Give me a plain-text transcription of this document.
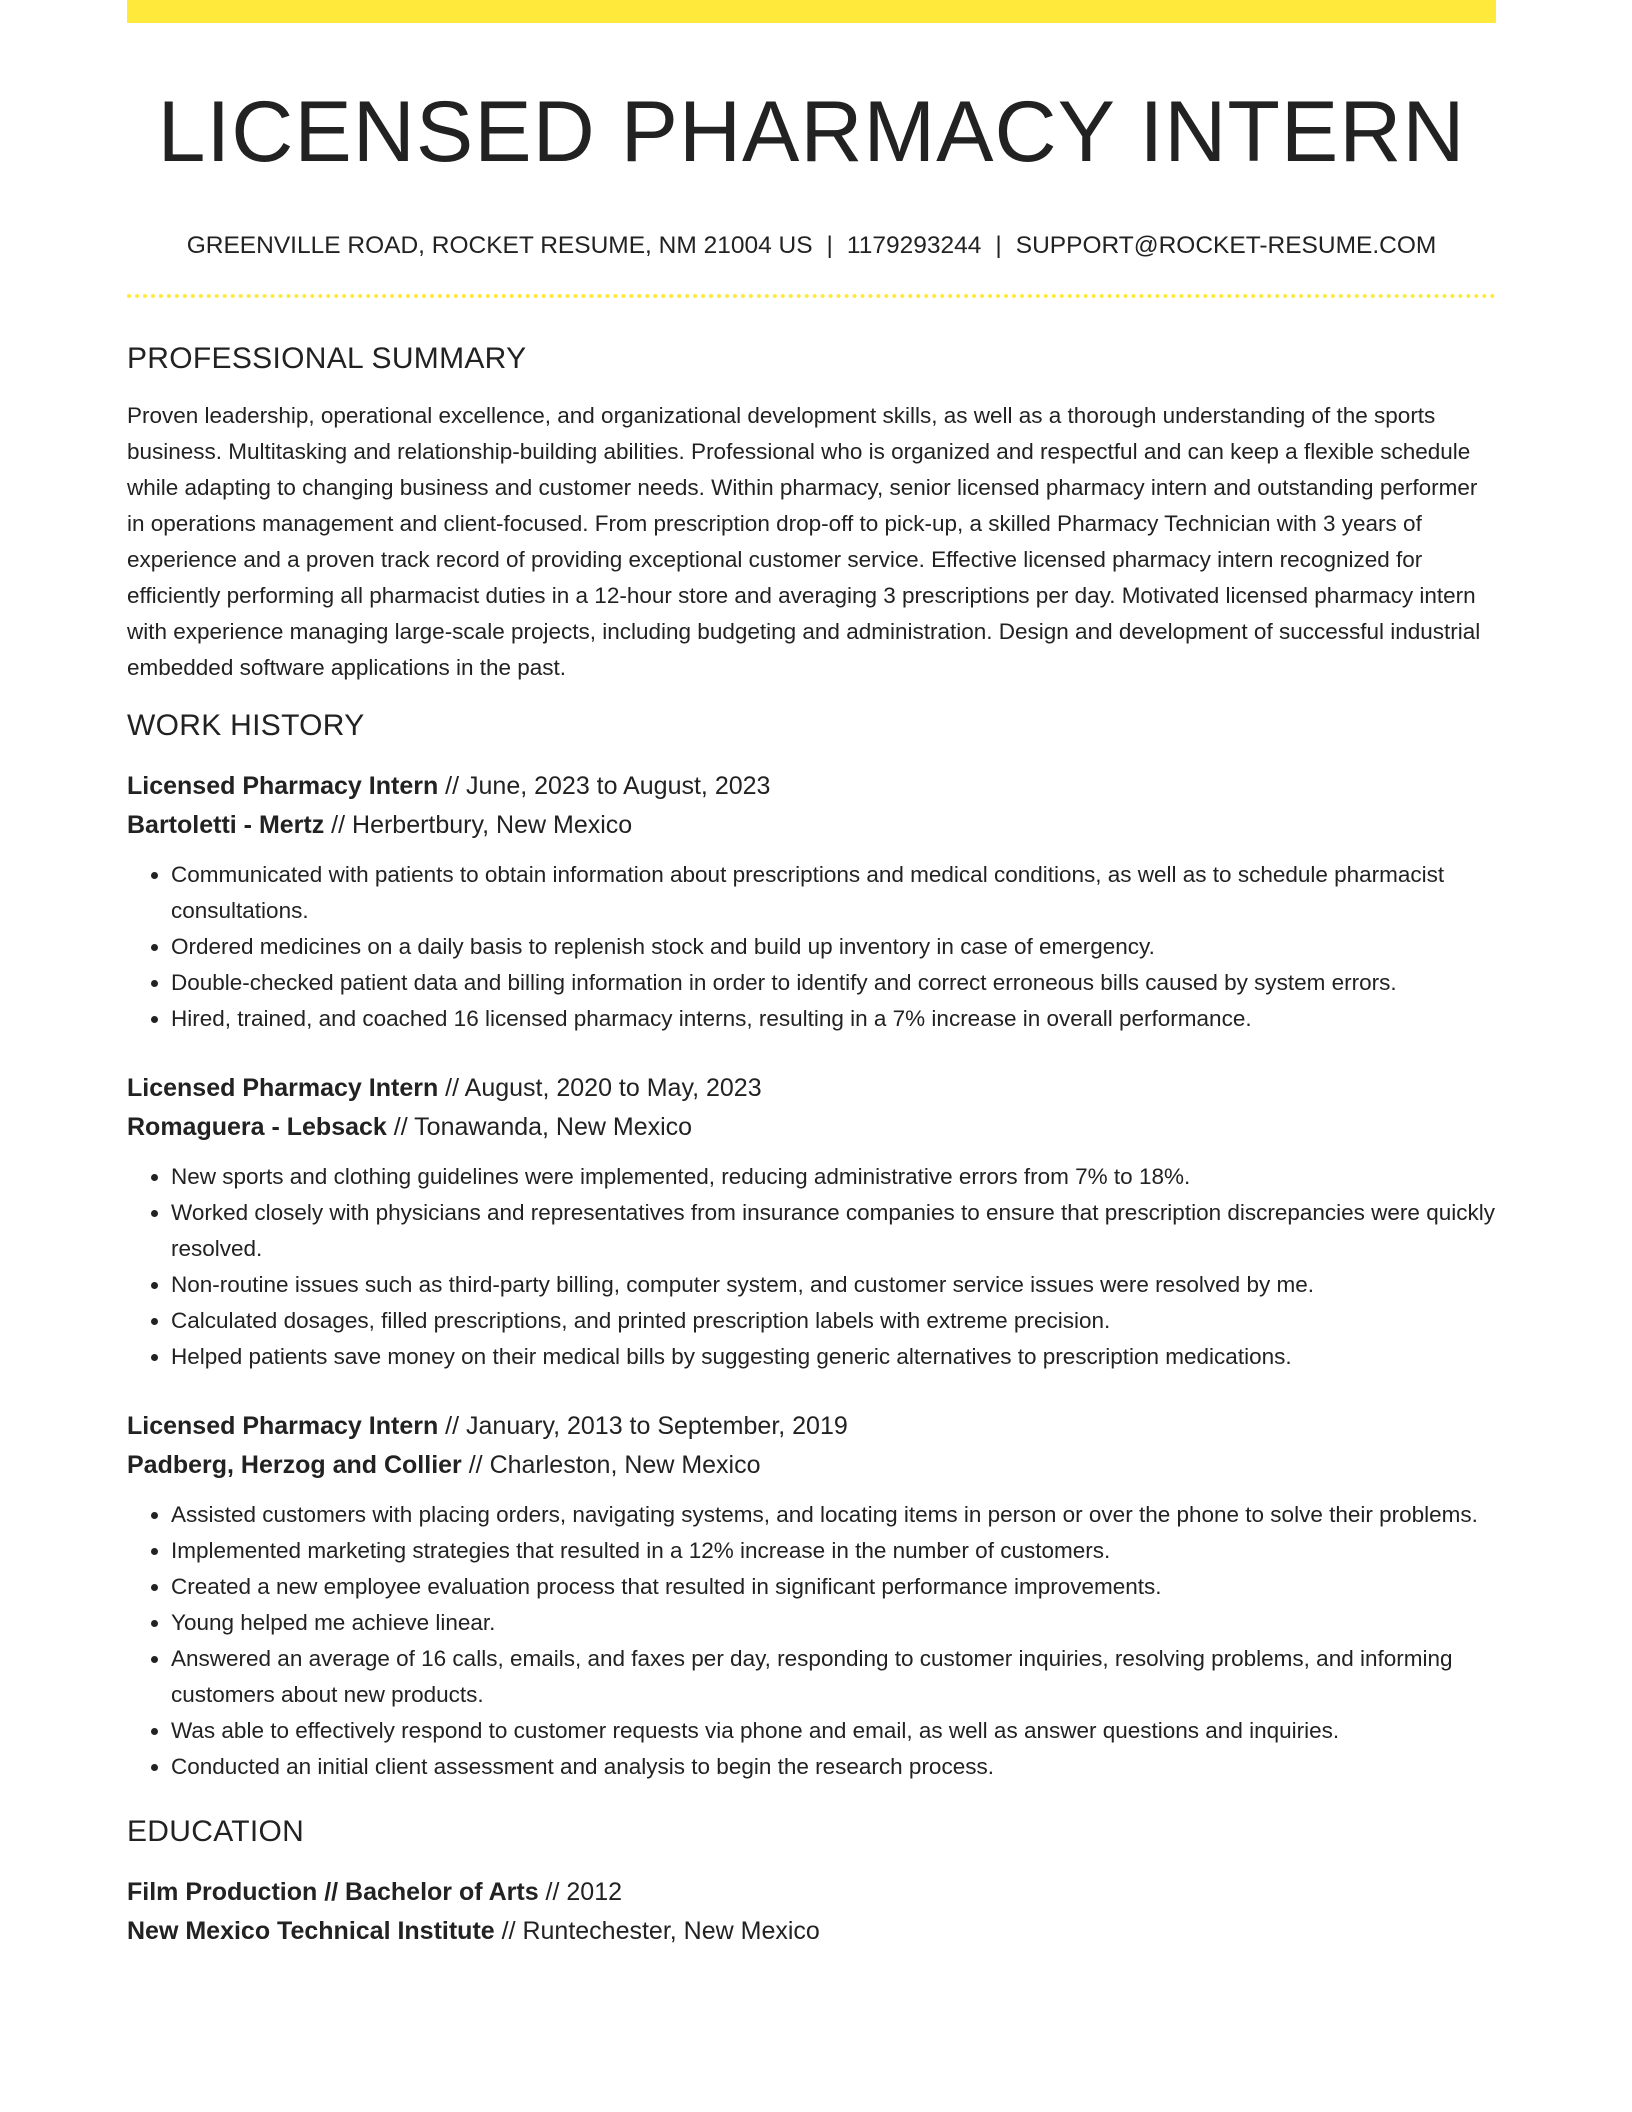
LICENSED PHARMACY INTERN
GREENVILLE ROAD, ROCKET RESUME, NM 21004 US | 1179293244 | SUPPORT@ROCKET-RESUME.COM
PROFESSIONAL SUMMARY

Proven leadership, operational excellence, and organizational development skills, as well as a thorough understanding of the sports business. Multitasking and relationship-building abilities. Professional who is organized and respectful and can keep a flexible schedule while adapting to changing business and customer needs. Within pharmacy, senior licensed pharmacy intern and outstanding performer in operations management and client-focused. From prescription drop-off to pick-up, a skilled Pharmacy Technician with 3 years of experience and a proven track record of providing exceptional customer service. Effective licensed pharmacy intern recognized for efficiently performing all pharmacist duties in a 12-hour store and averaging 3 prescriptions per day. Motivated licensed pharmacy intern with experience managing large-scale projects, including budgeting and administration. Design and development of successful industrial embedded software applications in the past.

WORK HISTORY
Licensed Pharmacy Intern // June, 2023 to August, 2023
Bartoletti - Mertz // Herbertbury, New Mexico
• Communicated with patients to obtain information about prescriptions and medical conditions, as well as to schedule pharmacist consultations.
• Ordered medicines on a daily basis to replenish stock and build up inventory in case of emergency.
• Double-checked patient data and billing information in order to identify and correct erroneous bills caused by system errors.
• Hired, trained, and coached 16 licensed pharmacy interns, resulting in a 7% increase in overall performance.
Licensed Pharmacy Intern // August, 2020 to May, 2023
Romaguera - Lebsack // Tonawanda, New Mexico
• New sports and clothing guidelines were implemented, reducing administrative errors from 7% to 18%.
• Worked closely with physicians and representatives from insurance companies to ensure that prescription discrepancies were quickly resolved.
• Non-routine issues such as third-party billing, computer system, and customer service issues were resolved by me.
• Calculated dosages, filled prescriptions, and printed prescription labels with extreme precision.
• Helped patients save money on their medical bills by suggesting generic alternatives to prescription medications.
Licensed Pharmacy Intern // January, 2013 to September, 2019
Padberg, Herzog and Collier // Charleston, New Mexico
• Assisted customers with placing orders, navigating systems, and locating items in person or over the phone to solve their problems.
• Implemented marketing strategies that resulted in a 12% increase in the number of customers.
• Created a new employee evaluation process that resulted in significant performance improvements.
• Young helped me achieve linear.
• Answered an average of 16 calls, emails, and faxes per day, responding to customer inquiries, resolving problems, and informing customers about new products.
• Was able to effectively respond to customer requests via phone and email, as well as answer questions and inquiries.
• Conducted an initial client assessment and analysis to begin the research process.
EDUCATION
Film Production // Bachelor of Arts // 2012
New Mexico Technical Institute // Runtechester, New Mexico
